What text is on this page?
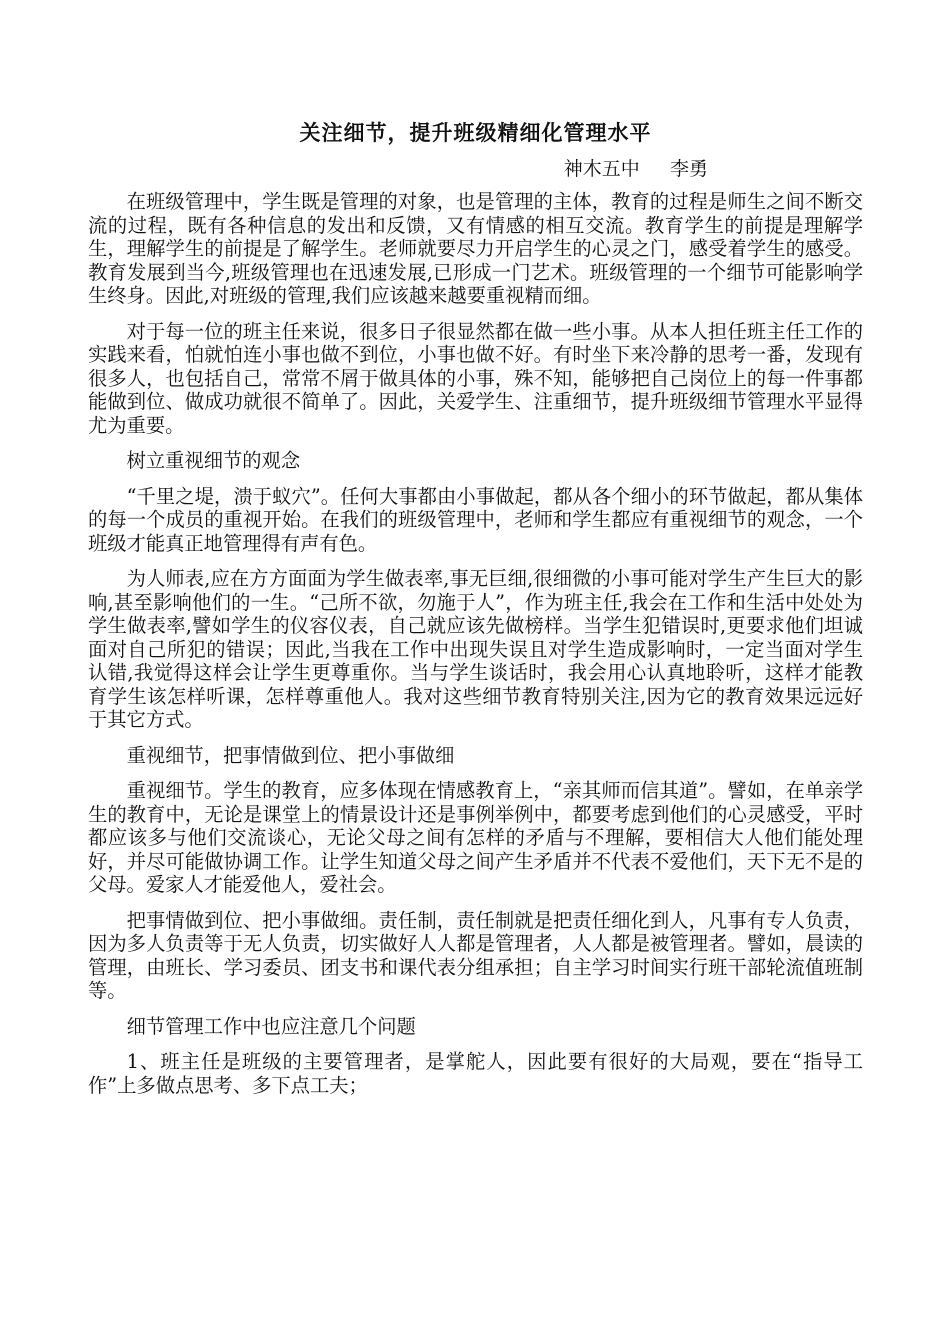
关注细节，提升班级精细化管理水平
神木五中     李勇

在班级管理中，学生既是管理的对象，也是管理的主体，教育的过程是师生之间不断交流的过程，既有各种信息的发出和反馈，又有情感的相互交流。教育学生的前提是理解学生，理解学生的前提是了解学生。老师就要尽力开启学生的心灵之门，感受着学生的感受。教育发展到当今,班级管理也在迅速发展,已形成一门艺术。班级管理的一个细节可能影响学生终身。因此,对班级的管理,我们应该越来越要重视精而细。

对于每一位的班主任来说，很多日子很显然都在做一些小事。从本人担任班主任工作的实践来看，怕就怕连小事也做不到位，小事也做不好。有时坐下来冷静的思考一番，发现有很多人，也包括自己，常常不屑于做具体的小事，殊不知，能够把自己岗位上的每一件事都能做到位、做成功就很不简单了。因此，关爱学生、注重细节，提升班级细节管理水平显得尤为重要。

树立重视细节的观念

“千里之堤，溃于蚁穴”。任何大事都由小事做起，都从各个细小的环节做起，都从集体的每一个成员的重视开始。在我们的班级管理中，老师和学生都应有重视细节的观念，一个班级才能真正地管理得有声有色。

为人师表,应在方方面面为学生做表率,事无巨细,很细微的小事可能对学生产生巨大的影响,甚至影响他们的一生。“己所不欲，勿施于人”，作为班主任,我会在工作和生活中处处为学生做表率,譬如学生的仪容仪表，自己就应该先做榜样。当学生犯错误时,更要求他们坦诚面对自己所犯的错误；因此,当我在工作中出现失误且对学生造成影响时，一定当面对学生认错,我觉得这样会让学生更尊重你。当与学生谈话时，我会用心认真地聆听，这样才能教育学生该怎样听课，怎样尊重他人。我对这些细节教育特别关注,因为它的教育效果远远好于其它方式。

重视细节，把事情做到位、把小事做细

重视细节。学生的教育，应多体现在情感教育上，“亲其师而信其道”。譬如，在单亲学生的教育中，无论是课堂上的情景设计还是事例举例中，都要考虑到他们的心灵感受，平时都应该多与他们交流谈心，无论父母之间有怎样的矛盾与不理解，要相信大人他们能处理好，并尽可能做协调工作。让学生知道父母之间产生矛盾并不代表不爱他们，天下无不是的父母。爱家人才能爱他人，爱社会。

把事情做到位、把小事做细。责任制，责任制就是把责任细化到人，凡事有专人负责，因为多人负责等于无人负责，切实做好人人都是管理者，人人都是被管理者。譬如，晨读的管理，由班长、学习委员、团支书和课代表分组承担；自主学习时间实行班干部轮流值班制等。

细节管理工作中也应注意几个问题

1、班主任是班级的主要管理者，是掌舵人，因此要有很好的大局观，要在“指导工作”上多做点思考、多下点工夫；
